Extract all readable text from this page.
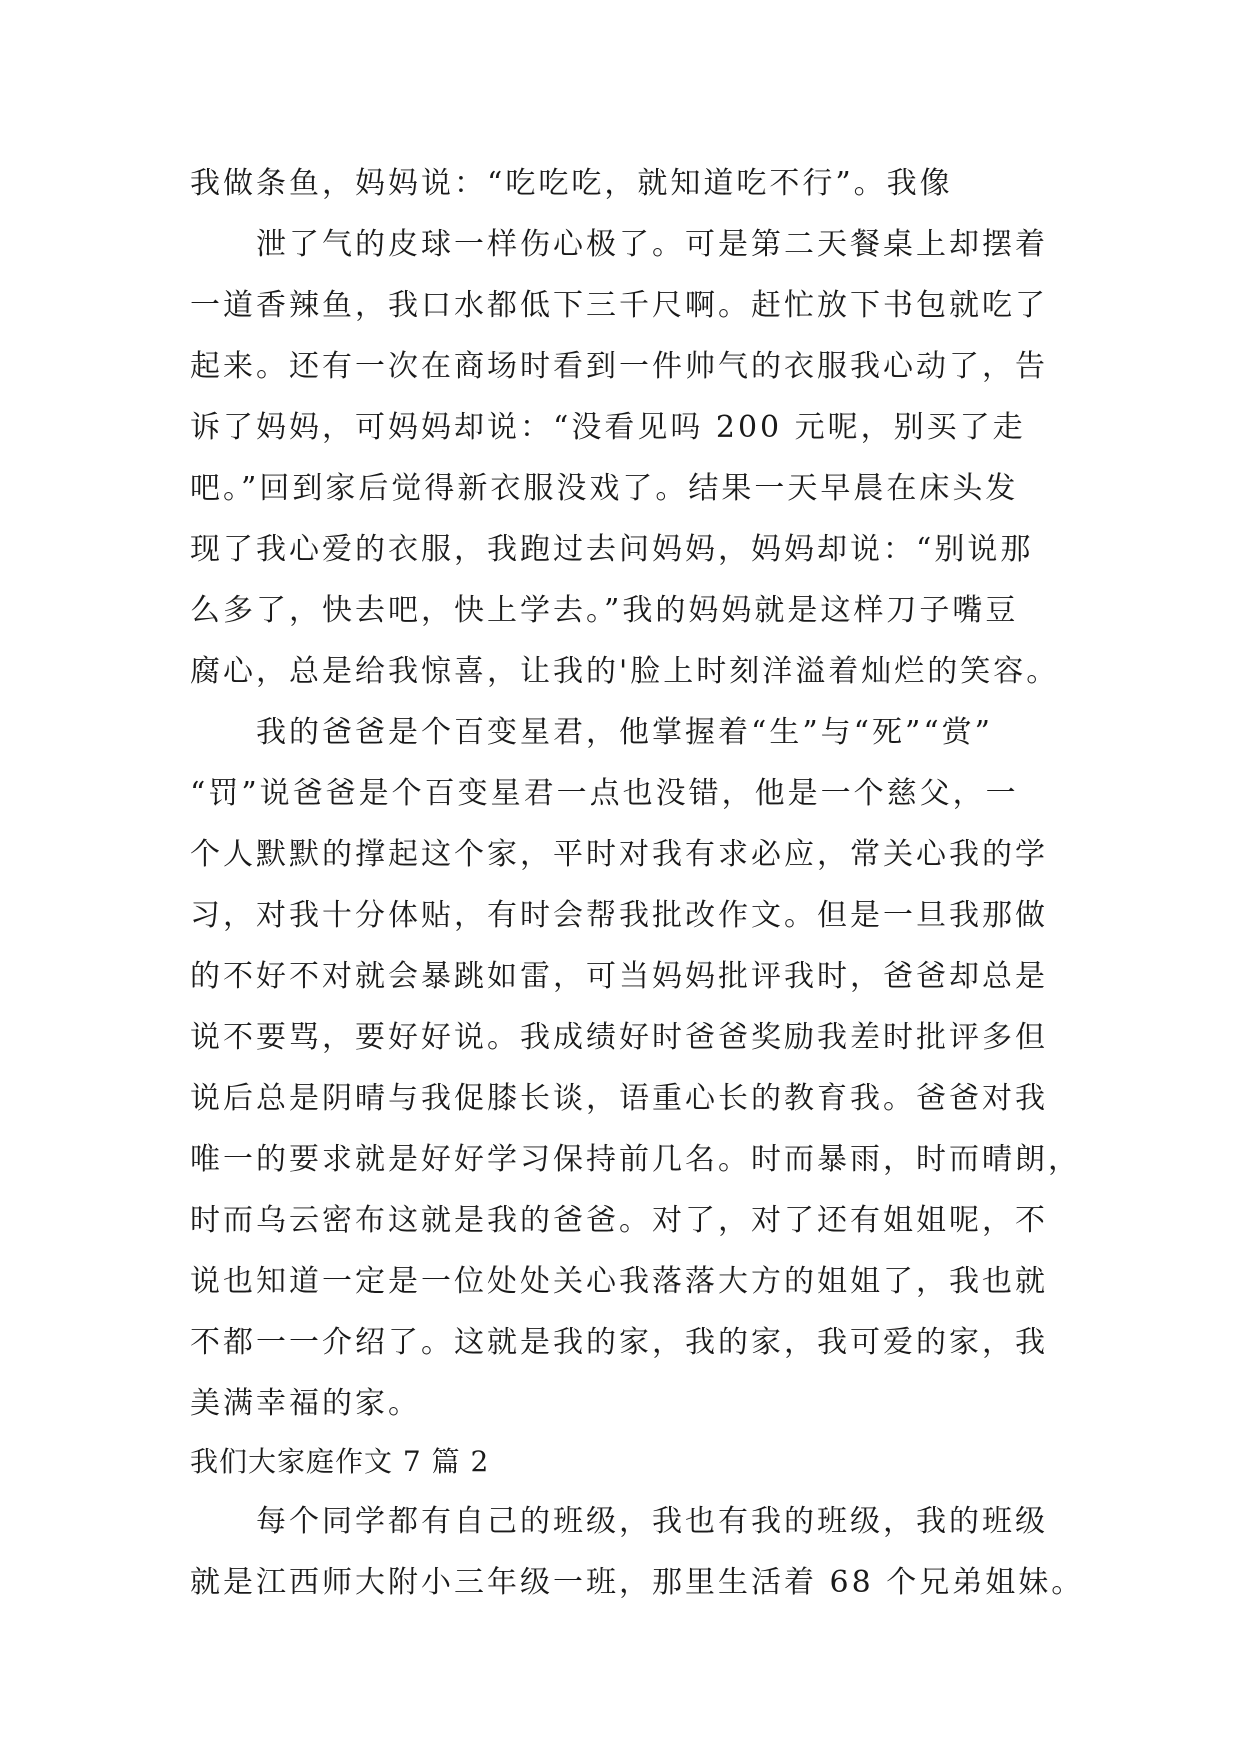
我做条鱼，妈妈说：“吃吃吃，就知道吃不行”。我像
泄了气的皮球一样伤心极了。可是第二天餐桌上却摆着
一道香辣鱼，我口水都低下三千尺啊。赶忙放下书包就吃了
起来。还有一次在商场时看到一件帅气的衣服我心动了，告
诉了妈妈，可妈妈却说：“没看见吗 200 元呢，别买了走
吧。”回到家后觉得新衣服没戏了。结果一天早晨在床头发
现了我心爱的衣服，我跑过去问妈妈，妈妈却说：“别说那
么多了，快去吧，快上学去。”我的妈妈就是这样刀子嘴豆
腐心，总是给我惊喜，让我的'脸上时刻洋溢着灿烂的笑容。
我的爸爸是个百变星君，他掌握着“生”与“死”“赏”
“罚”说爸爸是个百变星君一点也没错，他是一个慈父，一
个人默默的撑起这个家，平时对我有求必应，常关心我的学
习，对我十分体贴，有时会帮我批改作文。但是一旦我那做
的不好不对就会暴跳如雷，可当妈妈批评我时，爸爸却总是
说不要骂，要好好说。我成绩好时爸爸奖励我差时批评多但
说后总是阴晴与我促膝长谈，语重心长的教育我。爸爸对我
唯一的要求就是好好学习保持前几名。时而暴雨，时而晴朗，
时而乌云密布这就是我的爸爸。对了，对了还有姐姐呢，不
说也知道一定是一位处处关心我落落大方的姐姐了，我也就
不都一一介绍了。这就是我的家，我的家，我可爱的家，我
美满幸福的家。
我们大家庭作文 7 篇 2
每个同学都有自己的班级，我也有我的班级，我的班级
就是江西师大附小三年级一班，那里生活着 68 个兄弟姐妹。
